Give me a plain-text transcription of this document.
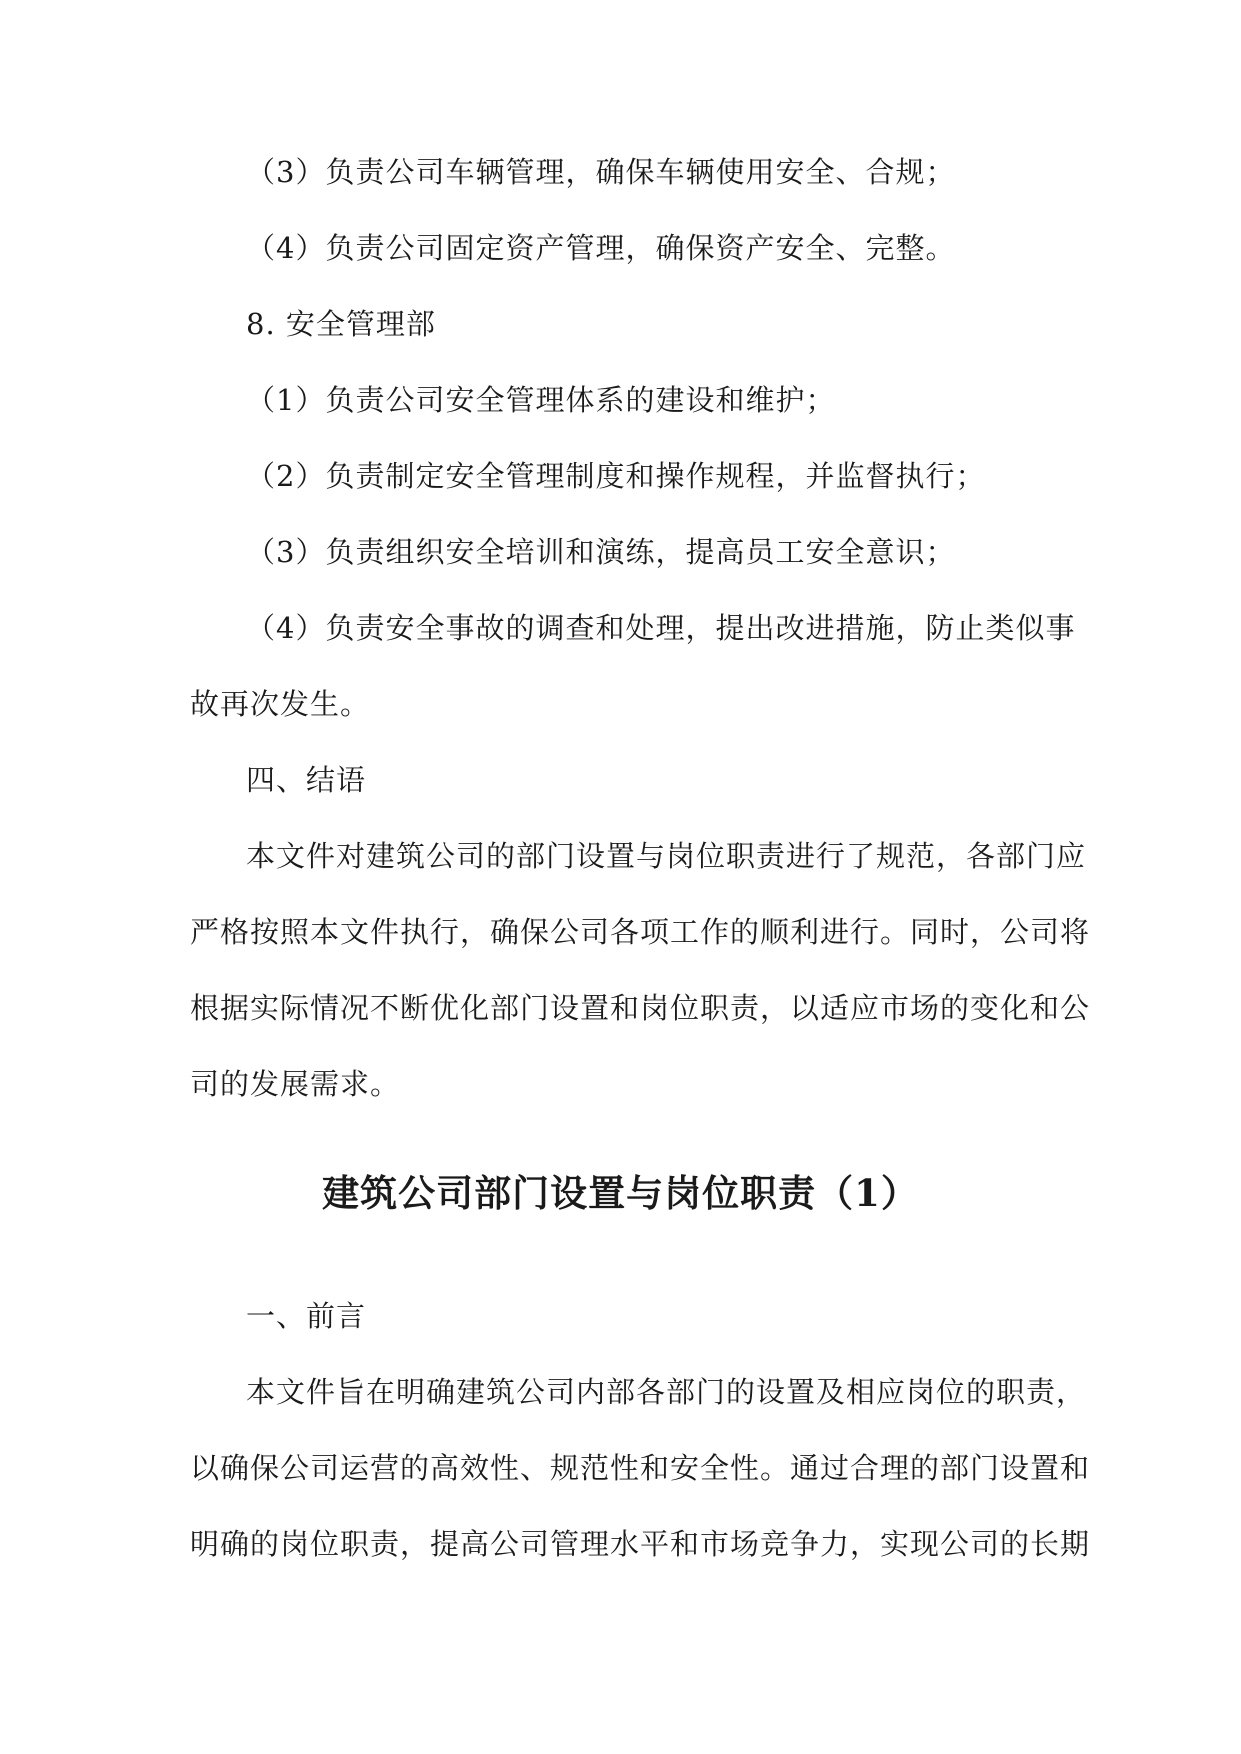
（3）负责公司车辆管理，确保车辆使用安全、合规；
（4）负责公司固定资产管理，确保资产安全、完整。
8. 安全管理部
（1）负责公司安全管理体系的建设和维护；
（2）负责制定安全管理制度和操作规程，并监督执行；
（3）负责组织安全培训和演练，提高员工安全意识；
（4）负责安全事故的调查和处理，提出改进措施，防止类似事
故再次发生。
四、结语
本文件对建筑公司的部门设置与岗位职责进行了规范，各部门应
严格按照本文件执行，确保公司各项工作的顺利进行。同时，公司将
根据实际情况不断优化部门设置和岗位职责，以适应市场的变化和公
司的发展需求。
建筑公司部门设置与岗位职责（1）
一、前言
本文件旨在明确建筑公司内部各部门的设置及相应岗位的职责，
以确保公司运营的高效性、规范性和安全性。通过合理的部门设置和
明确的岗位职责，提高公司管理水平和市场竞争力，实现公司的长期
